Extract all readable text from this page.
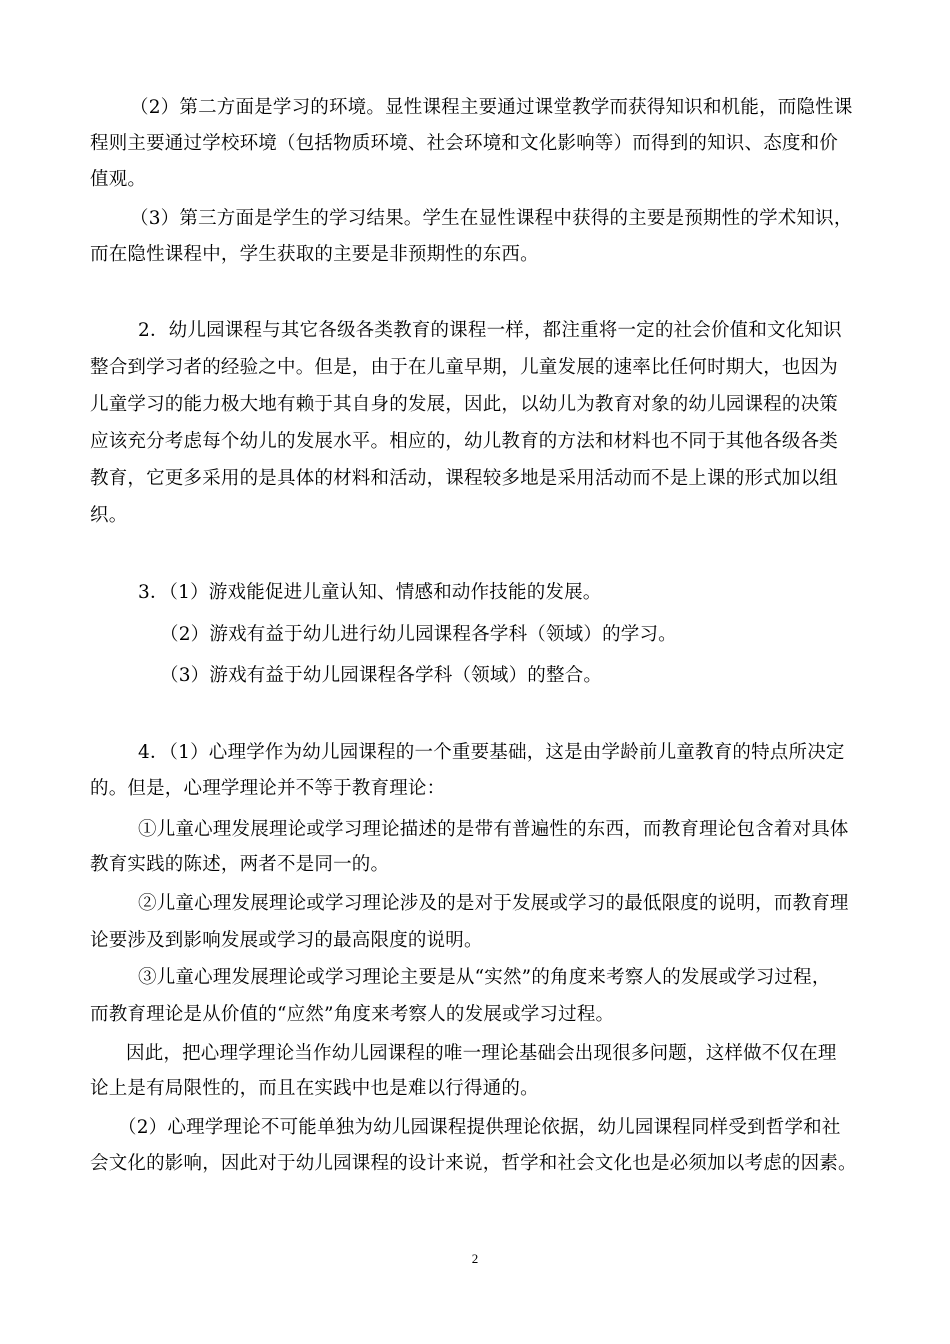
（2）第二方面是学习的环境。显性课程主要通过课堂教学而获得知识和机能，而隐性课

程则主要通过学校环境（包括物质环境、社会环境和文化影响等）而得到的知识、态度和价

值观。

（3）第三方面是学生的学习结果。学生在显性课程中获得的主要是预期性的学术知识，

而在隐性课程中，学生获取的主要是非预期性的东西。

2．幼儿园课程与其它各级各类教育的课程一样，都注重将一定的社会价值和文化知识

整合到学习者的经验之中。但是，由于在儿童早期，儿童发展的速率比任何时期大，也因为

儿童学习的能力极大地有赖于其自身的发展，因此，以幼儿为教育对象的幼儿园课程的决策

应该充分考虑每个幼儿的发展水平。相应的，幼儿教育的方法和材料也不同于其他各级各类

教育，它更多采用的是具体的材料和活动，课程较多地是采用活动而不是上课的形式加以组

织。

3．（1）游戏能促进儿童认知、情感和动作技能的发展。

（2）游戏有益于幼儿进行幼儿园课程各学科（领域）的学习。

（3）游戏有益于幼儿园课程各学科（领域）的整合。

4．（1）心理学作为幼儿园课程的一个重要基础，这是由学龄前儿童教育的特点所决定

的。但是，心理学理论并不等于教育理论：

①儿童心理发展理论或学习理论描述的是带有普遍性的东西，而教育理论包含着对具体

教育实践的陈述，两者不是同一的。

②儿童心理发展理论或学习理论涉及的是对于发展或学习的最低限度的说明，而教育理

论要涉及到影响发展或学习的最高限度的说明。

③儿童心理发展理论或学习理论主要是从“实然”的角度来考察人的发展或学习过程，

而教育理论是从价值的“应然”角度来考察人的发展或学习过程。

因此，把心理学理论当作幼儿园课程的唯一理论基础会出现很多问题，这样做不仅在理

论上是有局限性的，而且在实践中也是难以行得通的。

（2）心理学理论不可能单独为幼儿园课程提供理论依据，幼儿园课程同样受到哲学和社

会文化的影响，因此对于幼儿园课程的设计来说，哲学和社会文化也是必须加以考虑的因素。

2
